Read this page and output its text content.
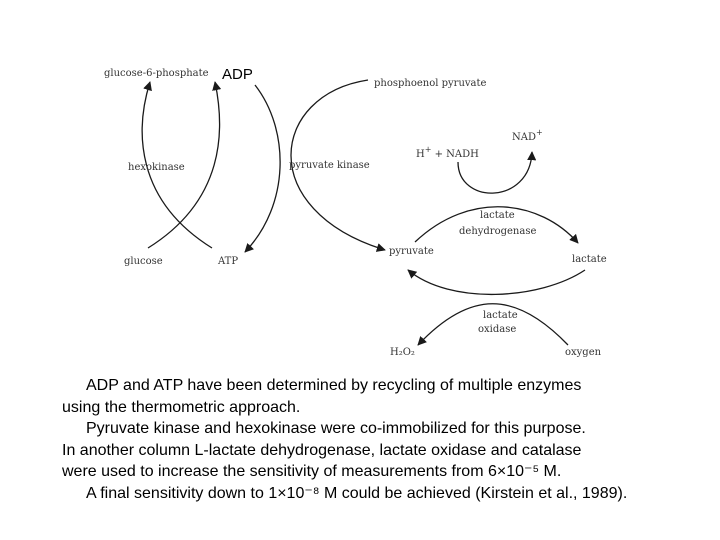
glucose-6-phosphate ADP
phosphoenol pyruvate
NAD+
H+ + NADH
hexokinase	pyruvate kinase
lactate
dehydrogenase
glucose	ATP
pyruvate
lactate
lactate
oxidase
H₂O₂	oxygen

ADP and ATP have been determined by recycling of multiple enzymes

using the thermometric approach.

Pyruvate kinase and hexokinase were co-immobilized for this purpose.

In another column L-lactate dehydrogenase, lactate oxidase and catalase

were used to increase the sensitivity of measurements from 6×10⁻⁵ M.

A final sensitivity down to 1×10⁻⁸ M could be achieved (Kirstein et al., 1989).
